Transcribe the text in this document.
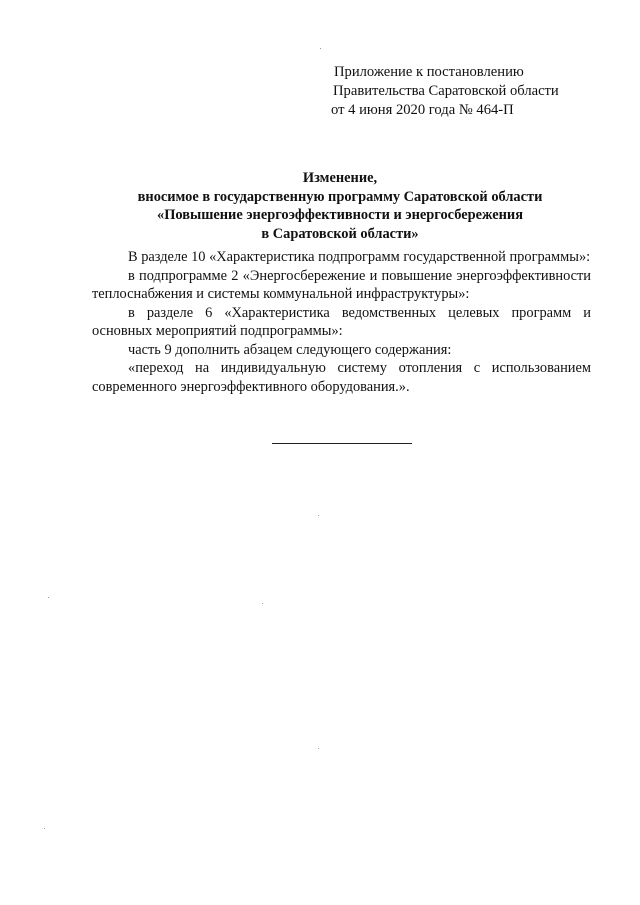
Приложение к постановлению
Правительства Саратовской области
от 4 июня 2020 года № 464-П
Изменение,
вносимое в государственную программу Саратовской области
«Повышение энергоэффективности и энергосбережения
в Саратовской области»

В разделе 10 «Характеристика подпрограмм государственной программы»:

в подпрограмме 2 «Энергосбережение и повышение энергоэффективности теплоснабжения и системы коммунальной инфраструктуры»:

в разделе 6 «Характеристика ведомственных целевых программ и основных мероприятий подпрограммы»:

часть 9 дополнить абзацем следующего содержания:

«переход на индивидуальную систему отопления с использованием современного энергоэффективного оборудования.».
